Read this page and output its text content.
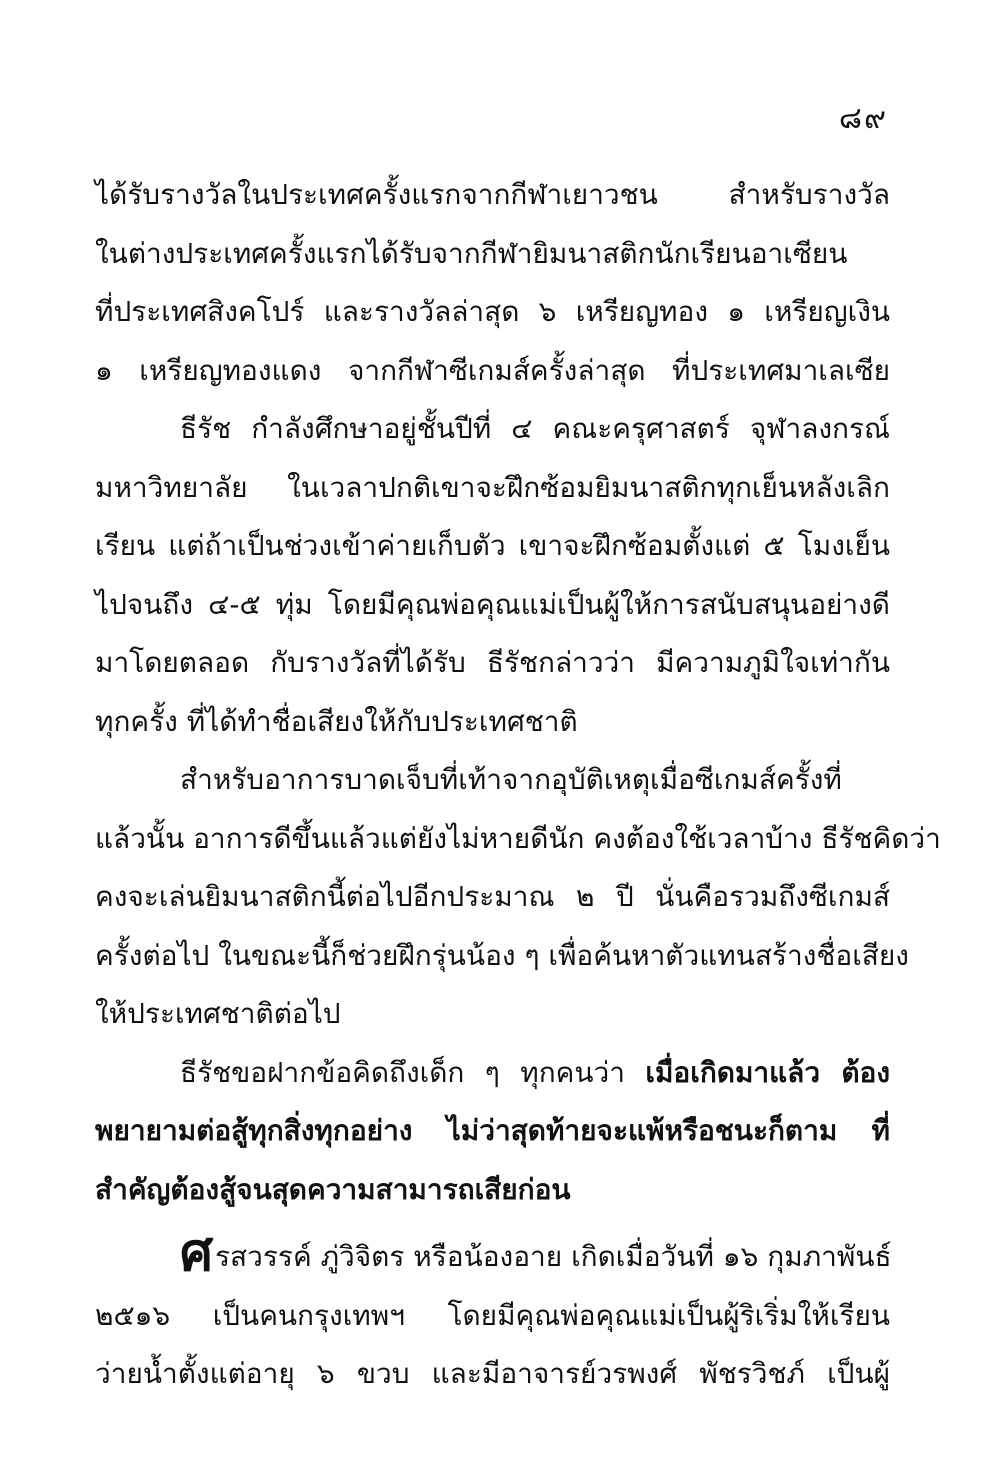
๘๙
ได้รับรางวัลในประเทศครั้งแรกจากกีฬาเยาวชน สำหรับรางวัล
ในต่างประเทศครั้งแรกได้รับจากกีฬายิมนาสติกนักเรียนอาเซียน
ที่ประเทศสิงคโปร์ และรางวัลล่าสุด ๖ เหรียญทอง ๑ เหรียญเงิน
๑ เหรียญทองแดง จากกีฬาซีเกมส์ครั้งล่าสุด ที่ประเทศมาเลเซีย
ธีรัช กำลังศึกษาอยู่ชั้นปีที่ ๔ คณะครุศาสตร์ จุฬาลงกรณ์
มหาวิทยาลัย ในเวลาปกติเขาจะฝึกซ้อมยิมนาสติกทุกเย็นหลังเลิก
เรียน แต่ถ้าเป็นช่วงเข้าค่ายเก็บตัว เขาจะฝึกซ้อมตั้งแต่ ๕ โมงเย็น
ไปจนถึง ๔-๕ ทุ่ม โดยมีคุณพ่อคุณแม่เป็นผู้ให้การสนับสนุนอย่างดี
มาโดยตลอด กับรางวัลที่ได้รับ ธีรัชกล่าวว่า มีความภูมิใจเท่ากัน
ทุกครั้ง ที่ได้ทำชื่อเสียงให้กับประเทศชาติ
สำหรับอาการบาดเจ็บที่เท้าจากอุบัติเหตุเมื่อซีเกมส์ครั้งที่
แล้วนั้น อาการดีขึ้นแล้วแต่ยังไม่หายดีนัก คงต้องใช้เวลาบ้าง ธีรัชคิดว่า
คงจะเล่นยิมนาสติกนี้ต่อไปอีกประมาณ ๒ ปี นั่นคือรวมถึงซีเกมส์
ครั้งต่อไป ในขณะนี้ก็ช่วยฝึกรุ่นน้อง ๆ เพื่อค้นหาตัวแทนสร้างชื่อเสียง
ให้ประเทศชาติต่อไป
ธีรัชขอฝากข้อคิดถึงเด็ก ๆ ทุกคนว่า เมื่อเกิดมาแล้ว ต้อง
พยายามต่อสู้ทุกสิ่งทุกอย่าง ไม่ว่าสุดท้ายจะแพ้หรือชนะก็ตาม ที่
สำคัญต้องสู้จนสุดความสามารถเสียก่อน
ศรสวรรค์ ภู่วิจิตร หรือน้องอาย เกิดเมื่อวันที่ ๑๖ กุมภาพันธ์
๒๕๑๖ เป็นคนกรุงเทพฯ โดยมีคุณพ่อคุณแม่เป็นผู้ริเริ่มให้เรียน
ว่ายน้ำตั้งแต่อายุ ๖ ขวบ และมีอาจารย์วรพงศ์ พัชรวิชภ์ เป็นผู้
